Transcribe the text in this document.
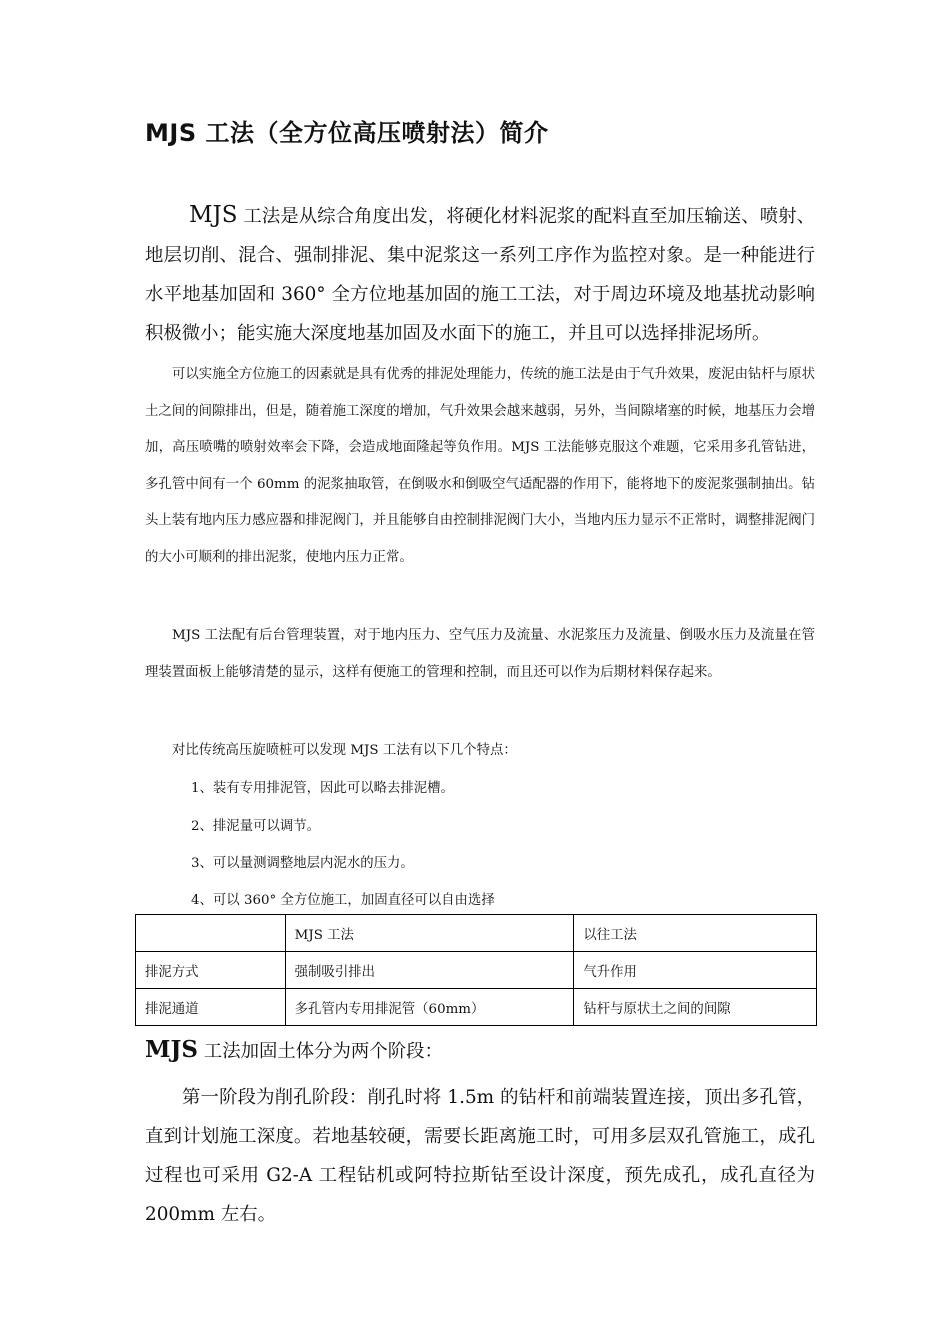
MJS 工法（全方位高压喷射法）简介
MJS 工法是从综合角度出发，将硬化材料泥浆的配料直至加压输送、喷射、地层切削、混合、强制排泥、集中泥浆这一系列工序作为监控对象。是一种能进行水平地基加固和 360° 全方位地基加固的施工工法，对于周边环境及地基扰动影响积极微小；能实施大深度地基加固及水面下的施工，并且可以选择排泥场所。
可以实施全方位施工的因素就是具有优秀的排泥处理能力，传统的施工法是由于气升效果，废泥由钻杆与原状土之间的间隙排出，但是，随着施工深度的增加，气升效果会越来越弱，另外，当间隙堵塞的时候，地基压力会增加，高压喷嘴的喷射效率会下降，会造成地面隆起等负作用。MJS 工法能够克服这个难题，它采用多孔管钻进，多孔管中间有一个 60mm 的泥浆抽取管，在倒吸水和倒吸空气适配器的作用下，能将地下的废泥浆强制抽出。钻头上装有地内压力感应器和排泥阀门，并且能够自由控制排泥阀门大小，当地内压力显示不正常时，调整排泥阀门的大小可顺利的排出泥浆，使地内压力正常。
MJS 工法配有后台管理装置，对于地内压力、空气压力及流量、水泥浆压力及流量、倒吸水压力及流量在管理装置面板上能够清楚的显示，这样有便施工的管理和控制，而且还可以作为后期材料保存起来。
对比传统高压旋喷桩可以发现 MJS 工法有以下几个特点：
1、装有专用排泥管，因此可以略去排泥槽。
2、排泥量可以调节。
3、可以量测调整地层内泥水的压力。
4、可以 360° 全方位施工，加固直径可以自由选择
	MJS 工法	以往工法
排泥方式	强制吸引排出	气升作用
排泥通道	多孔管内专用排泥管（60mm）	钻杆与原状土之间的间隙
MJS 工法加固土体分为两个阶段：
第一阶段为削孔阶段：削孔时将 1.5m 的钻杆和前端装置连接，顶出多孔管，直到计划施工深度。若地基较硬，需要长距离施工时，可用多层双孔管施工，成孔过程也可采用 G2-A 工程钻机或阿特拉斯钻至设计深度，预先成孔，成孔直径为 200mm 左右。
